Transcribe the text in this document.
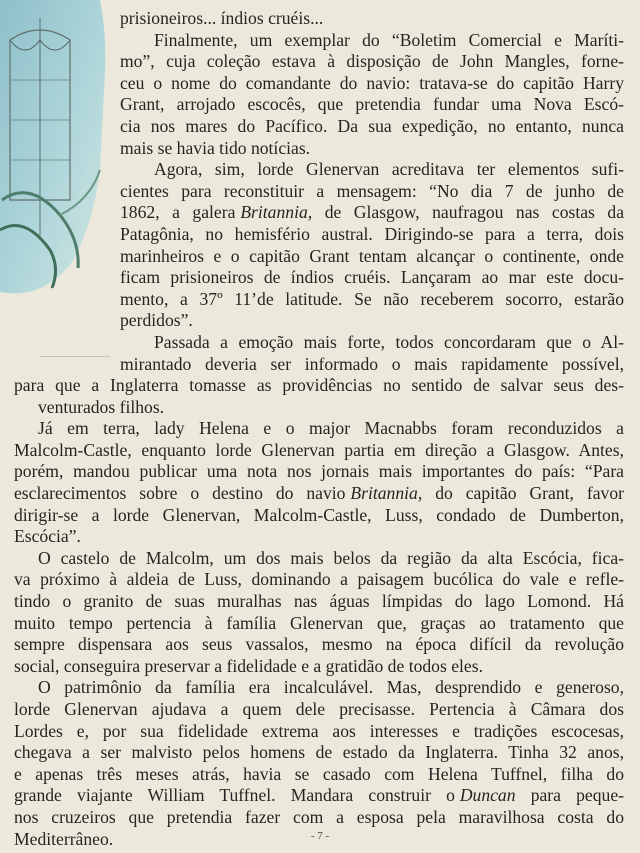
prisioneiros... índios cruéis...

Finalmente, um exemplar do “Boletim Comercial e Maríti-
mo”, cuja coleção estava à disposição de John Mangles, forne-
ceu o nome do comandante do navio: tratava-se do capitão Harry
Grant, arrojado escocês, que pretendia fundar uma Nova Escó-
cia nos mares do Pacífico. Da sua expedição, no entanto, nunca
mais se havia tido notícias.

Agora, sim, lorde Glenervan acreditava ter elementos sufi-
cientes para reconstituir a mensagem: “No dia 7 de junho de
1862, a galera Britannia, de Glasgow, naufragou nas costas da
Patagônia, no hemisfério austral. Dirigindo-se para a terra, dois
marinheiros e o capitão Grant tentam alcançar o continente, onde
ficam prisioneiros de índios cruéis. Lançaram ao mar este docu-
mento, a 37º 11’de latitude. Se não receberem socorro, estarão
perdidos”.

Passada a emoção mais forte, todos concordaram que o Al-
mirantado deveria ser informado o mais rapidamente possível,
para que a Inglaterra tomasse as providências no sentido de salvar seus des-
venturados filhos.

Já em terra, lady Helena e o major Macnabbs foram reconduzidos a
Malcolm-Castle, enquanto lorde Glenervan partia em direção a Glasgow. Antes,
porém, mandou publicar uma nota nos jornais mais importantes do país: “Para
esclarecimentos sobre o destino do navio Britannia, do capitão Grant, favor
dirigir-se a lorde Glenervan, Malcolm-Castle, Luss, condado de Dumberton,
Escócia”.

O castelo de Malcolm, um dos mais belos da região da alta Escócia, fica-
va próximo à aldeia de Luss, dominando a paisagem bucólica do vale e refle-
tindo o granito de suas muralhas nas águas límpidas do lago Lomond. Há
muito tempo pertencia à família Glenervan que, graças ao tratamento que
sempre dispensara aos seus vassalos, mesmo na época difícil da revolução
social, conseguira preservar a fidelidade e a gratidão de todos eles.

O patrimônio da família era incalculável. Mas, desprendido e generoso,
lorde Glenervan ajudava a quem dele precisasse. Pertencia à Câmara dos
Lordes e, por sua fidelidade extrema aos interesses e tradições escocesas,
chegava a ser malvisto pelos homens de estado da Inglaterra. Tinha 32 anos,
e apenas três meses atrás, havia se casado com Helena Tuffnel, filha do
grande viajante William Tuffnel. Mandara construir o Duncan para peque-
nos cruzeiros que pretendia fazer com a esposa pela maravilhosa costa do
Mediterrâneo.	- 7 -
